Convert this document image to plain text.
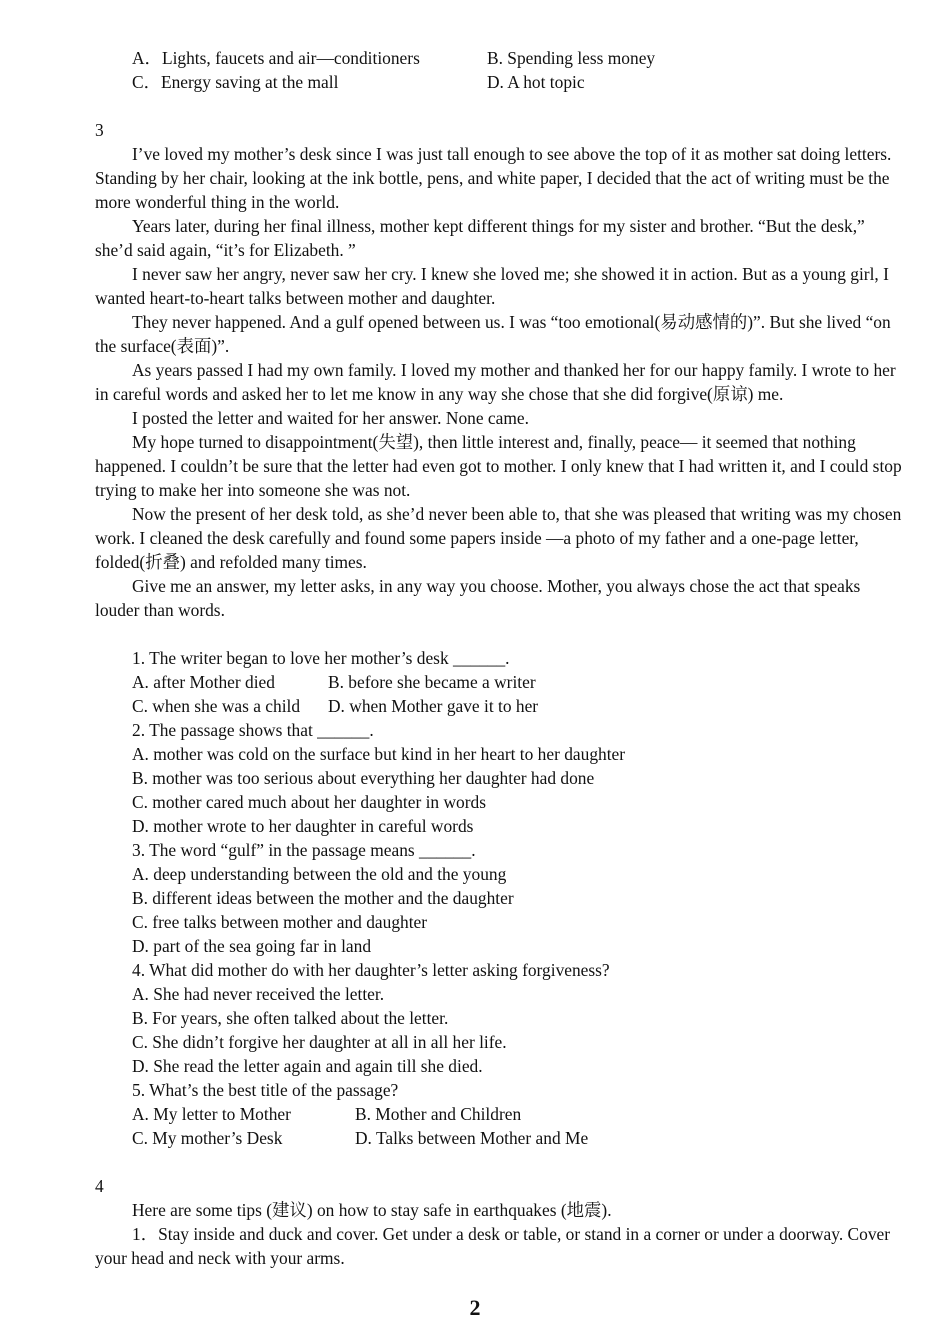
A．Lights, faucets and air—conditioners	B. Spending less money
C．Energy saving at the mall	D. A hot topic
3

I’ve loved my mother’s desk since I was just tall enough to see above the top of it as mother sat doing letters. Standing by her chair, looking at the ink bottle, pens, and white paper, I decided that the act of writing must be the more wonderful thing in the world.

Years later, during her final illness, mother kept different things for my sister and brother. “But the desk,” she’d said again, “it’s for Elizabeth. ”

I never saw her angry, never saw her cry. I knew she loved me; she showed it in action. But as a young girl, I wanted heart-to-heart talks between mother and daughter.

They never happened. And a gulf opened between us. I was “too emotional(易动感情的)”. But she lived “on the surface(表面)”.

As years passed I had my own family. I loved my mother and thanked her for our happy family. I wrote to her in careful words and asked her to let me know in any way she chose that she did forgive(原谅) me.

I posted the letter and waited for her answer. None came.

My hope turned to disappointment(失望), then little interest and, finally, peace— it seemed that nothing happened. I couldn’t be sure that the letter had even got to mother. I only knew that I had written it, and I could stop trying to make her into someone she was not.

Now the present of her desk told, as she’d never been able to, that she was pleased that writing was my chosen work. I cleaned the desk carefully and found some papers inside —a photo of my father and a one-page letter, folded(折叠) and refolded many times.

Give me an answer, my letter asks, in any way you choose. Mother, you always chose the act that speaks louder than words.

1. The writer began to love her mother’s desk ______.
A. after Mother died	B. before she became a writer
C. when she was a child	D. when Mother gave it to her
2. The passage shows that ______.
A. mother was cold on the surface but kind in her heart to her daughter
B. mother was too serious about everything her daughter had done
C. mother cared much about her daughter in words
D. mother wrote to her daughter in careful words
3. The word “gulf” in the passage means ______.
A. deep understanding between the old and the young
B. different ideas between the mother and the daughter
C. free talks between mother and daughter
D. part of the sea going far in land
4. What did mother do with her daughter’s letter asking forgiveness?
A. She had never received the letter.
B. For years, she often talked about the letter.
C. She didn’t forgive her daughter at all in all her life.
D. She read the letter again and again till she died.
5. What’s the best title of the passage?
A. My letter to Mother	B. Mother and Children
C. My mother’s Desk	D. Talks between Mother and Me
4

Here are some tips (建议) on how to stay safe in earthquakes (地震).

1．Stay inside and duck and cover. Get under a desk or table, or stand in a corner or under a doorway. Cover your head and neck with your arms.

2
